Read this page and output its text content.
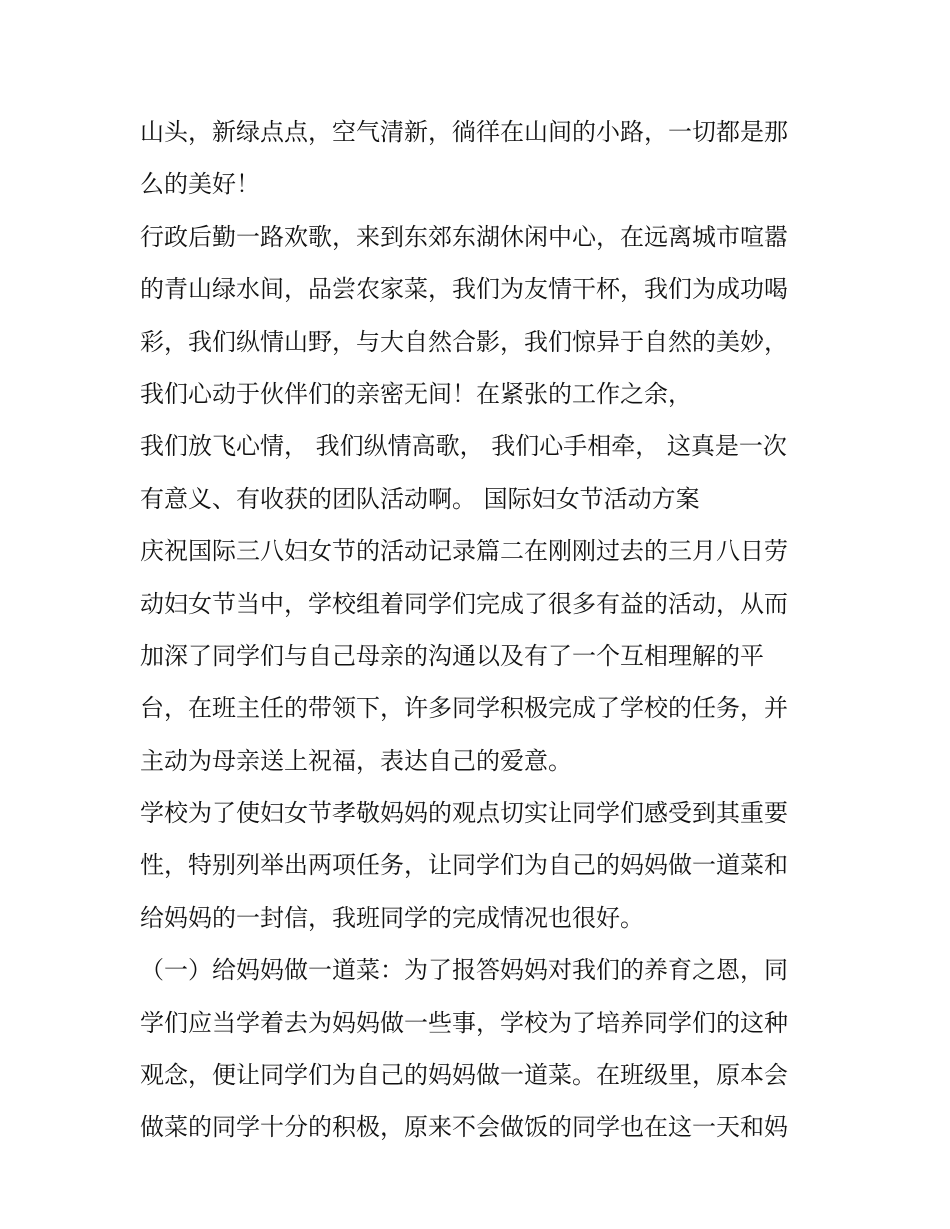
山头，新绿点点，空气清新，徜徉在山间的小路，一切都是那
么的美好！
行政后勤一路欢歌，来到东郊东湖休闲中心，在远离城市喧嚣
的青山绿水间，品尝农家菜，我们为友情干杯，我们为成功喝
彩，我们纵情山野，与大自然合影，我们惊异于自然的美妙，
我们心动于伙伴们的亲密无间！在紧张的工作之余，
我们放飞心情， 我们纵情高歌， 我们心手相牵， 这真是一次
有意义、有收获的团队活动啊。 国际妇女节活动方案
庆祝国际三八妇女节的活动记录篇二在刚刚过去的三月八日劳
动妇女节当中，学校组着同学们完成了很多有益的活动，从而
加深了同学们与自己母亲的沟通以及有了一个互相理解的平
台，在班主任的带领下，许多同学积极完成了学校的任务，并
主动为母亲送上祝福，表达自己的爱意。
学校为了使妇女节孝敬妈妈的观点切实让同学们感受到其重要
性，特别列举出两项任务，让同学们为自己的妈妈做一道菜和
给妈妈的一封信，我班同学的完成情况也很好。
（一）给妈妈做一道菜：为了报答妈妈对我们的养育之恩，同
学们应当学着去为妈妈做一些事，学校为了培养同学们的这种
观念，便让同学们为自己的妈妈做一道菜。在班级里，原本会
做菜的同学十分的积极，原来不会做饭的同学也在这一天和妈
